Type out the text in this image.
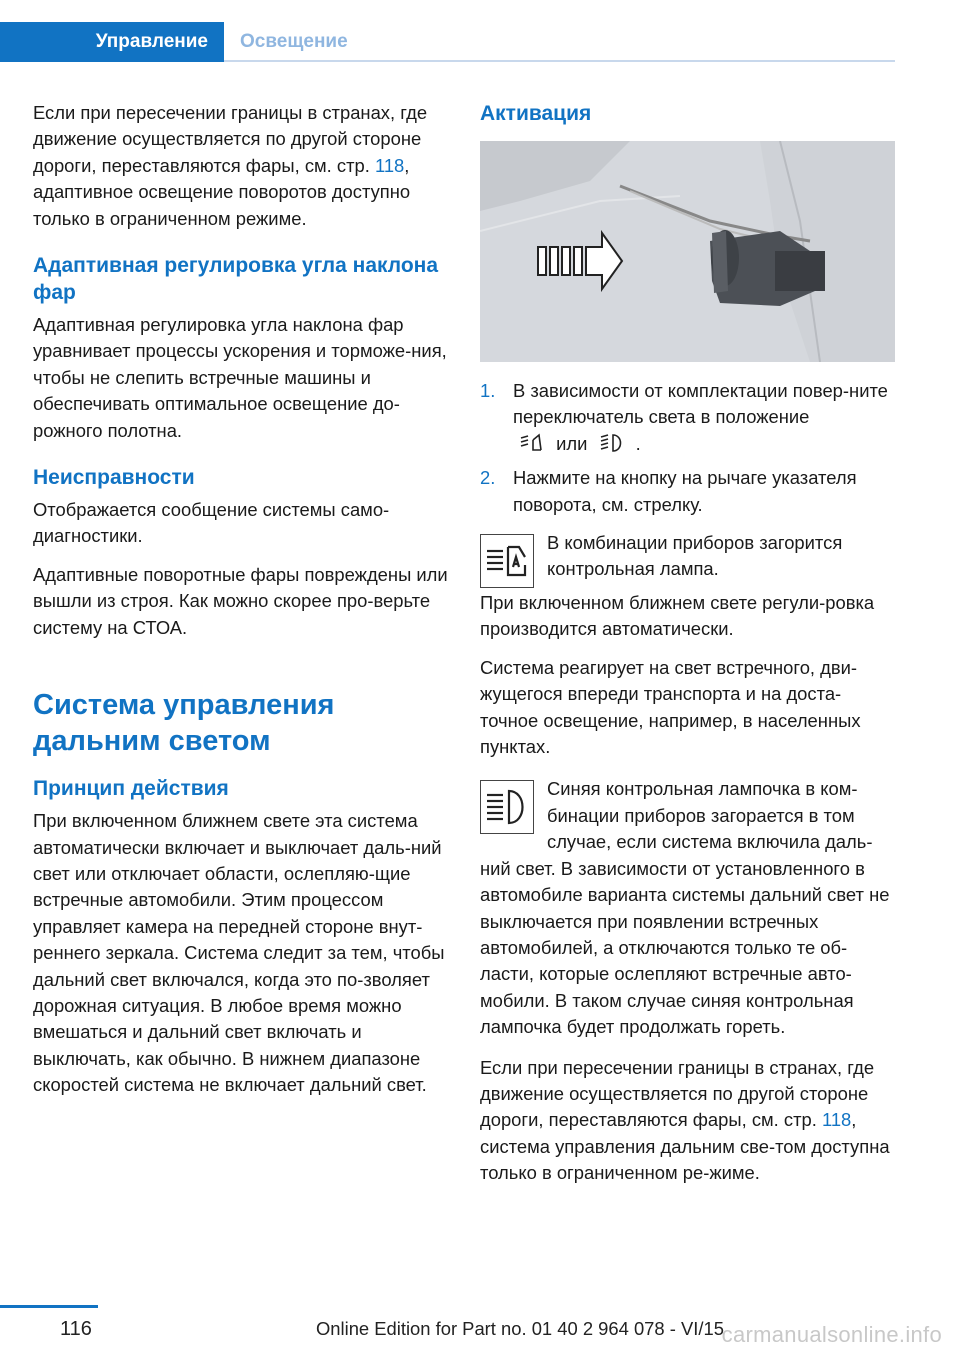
Управление Освещение

Если при пересечении границы в странах, где движение осуществляется по другой стороне дороги, переставляются фары, см. стр. 118, адаптивное освещение поворотов доступно только в ограниченном режиме.

Адаптивная регулировка угла наклона фар

Адаптивная регулировка угла наклона фар уравнивает процессы ускорения и торможе‐ния, чтобы не слепить встречные машины и обеспечивать оптимальное освещение до‐рожного полотна.

Неисправности

Отображается сообщение системы само‐диагностики.

Адаптивные поворотные фары повреждены или вышли из строя. Как можно скорее про‐верьте систему на СТОА.

Система управления дальним светом
Принцип действия

При включенном ближнем свете эта система автоматически включает и выключает даль‐ний свет или отключает области, ослепляю‐щие встречные автомобили. Этим процессом управляет камера на передней стороне внут‐реннего зеркала. Система следит за тем, чтобы дальний свет включался, когда это по‐зволяет дорожная ситуация. В любое время можно вмешаться и дальний свет включать и выключать, как обычно. В нижнем диапазоне скоростей система не включает дальний свет.

Активация
1. В зависимости от комплектации повер‐ните переключатель света в положение
или	.
2. Нажмите на кнопку на рычаге указателя поворота, см. стрелку.

В комбинации приборов загорится контрольная лампа.

При включенном ближнем свете регули‐ровка производится автоматически.

Система реагирует на свет встречного, дви‐жущегося впереди транспорта и на доста‐точное освещение, например, в населенных пунктах.

Синяя контрольная лампочка в ком‐бинации приборов загорается в том случае, если система включила даль‐

ний свет. В зависимости от установленного в автомобиле варианта системы дальний свет не выключается при появлении встречных автомобилей, а отключаются только те об‐ласти, которые ослепляют встречные авто‐мобили. В таком случае синяя контрольная лампочка будет продолжать гореть.

Если при пересечении границы в странах, где движение осуществляется по другой стороне дороги, переставляются фары, см. стр. 118, система управления дальним све‐том доступна только в ограниченном ре‐жиме.

116	Online Edition for Part no. 01 40 2 964 078 - VI/15
carmanualsonline.info
